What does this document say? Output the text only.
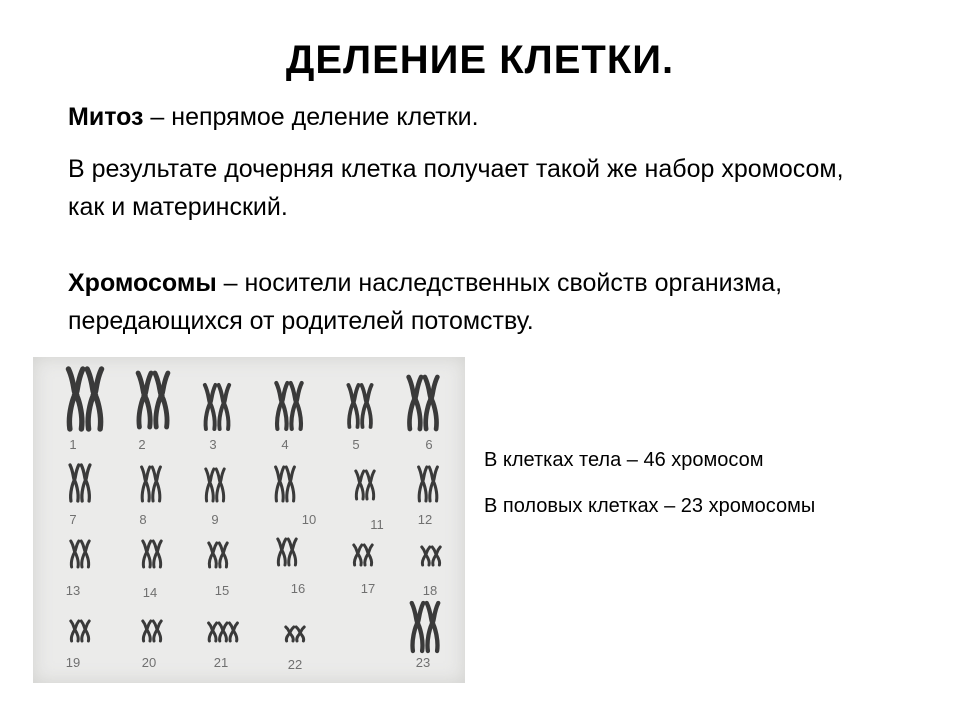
ДЕЛЕНИЕ КЛЕТКИ.
Митоз – непрямое деление клетки.
В результате дочерняя клетка получает такой же набор хромосом, как и материнский.
Хромосомы – носители наследственных свойств организма, передающихся от родителей потомству.
1	2	3	4	5	6
7	8	9	10	11	12
13	14	15	16	17	18
19	20	21	22	23
В клетках тела – 46 хромосом
В половых клетках – 23 хромосомы
